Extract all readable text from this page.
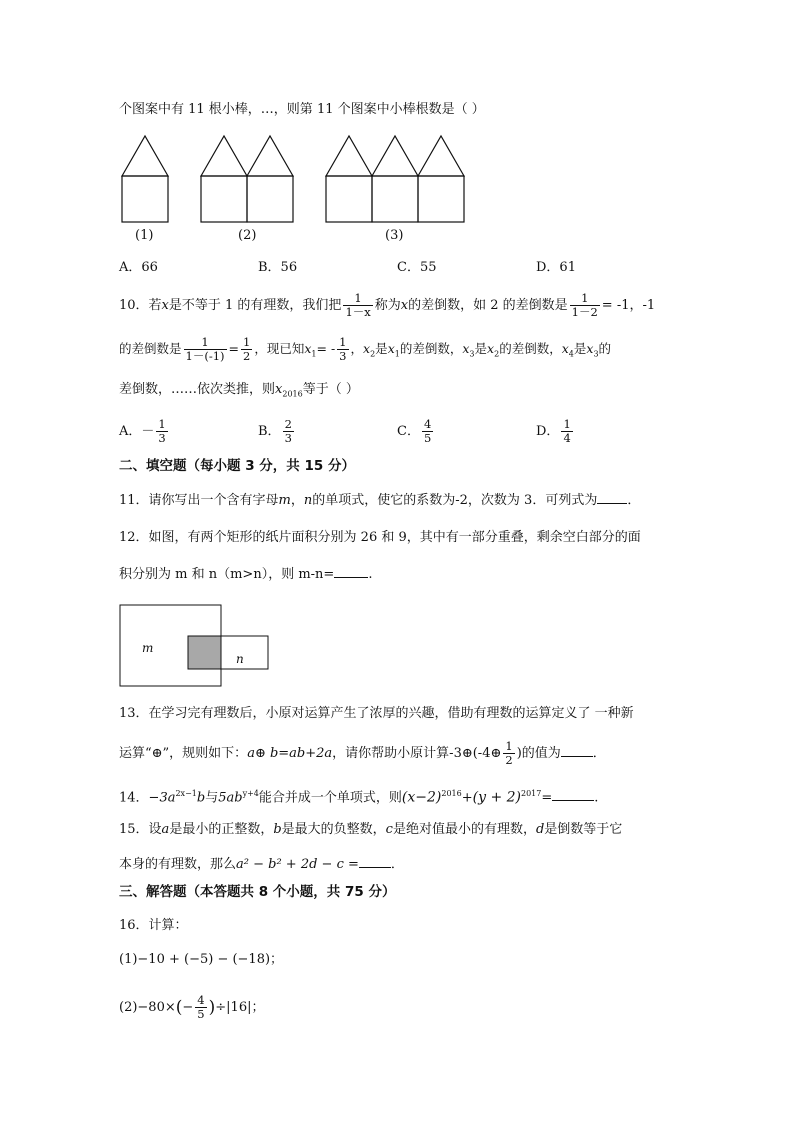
个图案中有 11 根小棒，…，则第 11 个图案中小棒根数是（ ）
(1)	(2)	(3)
A．66	B．56	C．55	D．61
10．若x是不等于 1 的有理数，我们把 $\frac{1}{1-x}$ 称为x的差倒数，如 2 的差倒数是 $\frac{1}{1-2} = -1$，-1
的差倒数是 $\frac{1}{1-(-1)} = \frac{1}{2}$ ，现已知$x_1= - \frac{1}{3}$ ，$x_2$是$x_1$的差倒数，$x_3$是$x_2$的差倒数，$x_4$是$x_3$的
差倒数，……依次类推，则$x_{2016}$等于（ ）
A．－ $\frac{1}{3}$	B． $\frac{2}{3}$	C． $\frac{4}{5}$	D． $\frac{1}{4}$
二、填空题（每小题 3 分，共 15 分）
11．请你写出一个含有字母m，n的单项式，使它的系数为-2，次数为 3．可列式为 ．
12．如图，有两个矩形的纸片面积分别为 26 和 9，其中有一部分重叠，剩余空白部分的面
积分别为 m 和 n（m>n），则 m-n=	.
m
n
13．在学习完有理数后，小原对运算产生了浓厚的兴趣，借助有理数的运算定义了 一种新
运算“⊕”，规则如下：a⊕ b=ab+2a，请你帮助小原计算-3⊕(-4⊕ $\frac{1}{2}$ )的值为 ．
14．$-3a^{2x-1}b$与$5ab^{y+4}$能合并成一个单项式，则$(x-2)^{2016}+(y + 2)^{2017}=$	.
15．设a是最小的正整数，b是最大的负整数，c是绝对值最小的有理数，d是倒数等于它
本身的有理数，那么a² − b² + 2d − c = ．
三、解答题（本答题共 8 个小题，共 75 分）
16．计算：
(1)−10 + (−5) − (−18)；
$(2)-80\times(- \frac{4}{5} )\div|16|$；
